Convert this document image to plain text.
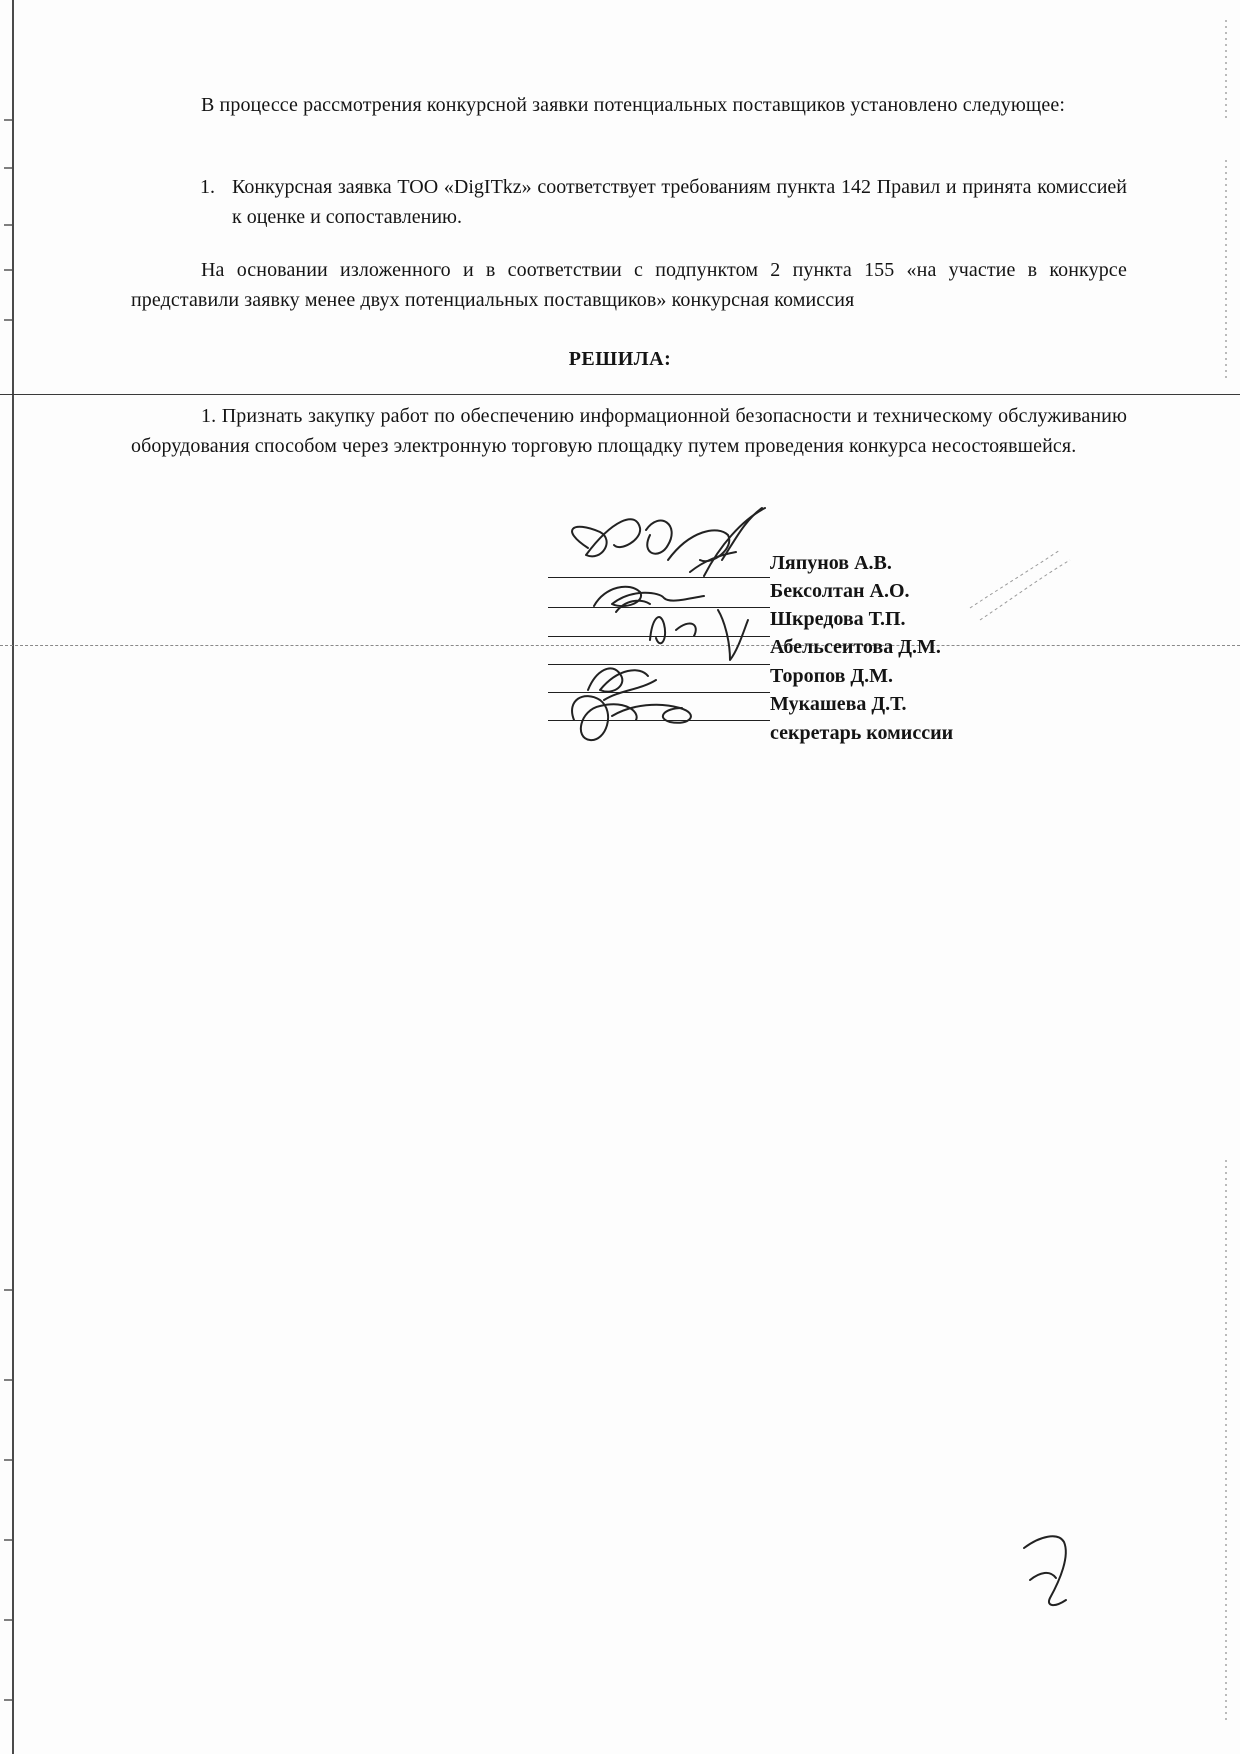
В процессе рассмотрения конкурсной заявки потенциальных поставщиков установлено следующее:

1. Конкурсная заявка ТОО «DigITkz» соответствует требованиям пункта 142 Правил и принята комиссией к оценке и сопоставлению.

На основании изложенного и в соответствии с подпунктом 2 пункта 155 «на участие в конкурсе представили заявку менее двух потенциальных поставщиков» конкурсная комиссия

РЕШИЛА:

1. Признать закупку работ по обеспечению информационной безопасности и техническому обслуживанию оборудования способом через электронную торговую площадку путем проведения конкурса несостоявшейся.

Ляпунов А.В.
Бексолтан А.О.
Шкредова Т.П.
Абельсеитова Д.М.
Торопов Д.М.
Мукашева Д.Т.
секретарь комиссии
